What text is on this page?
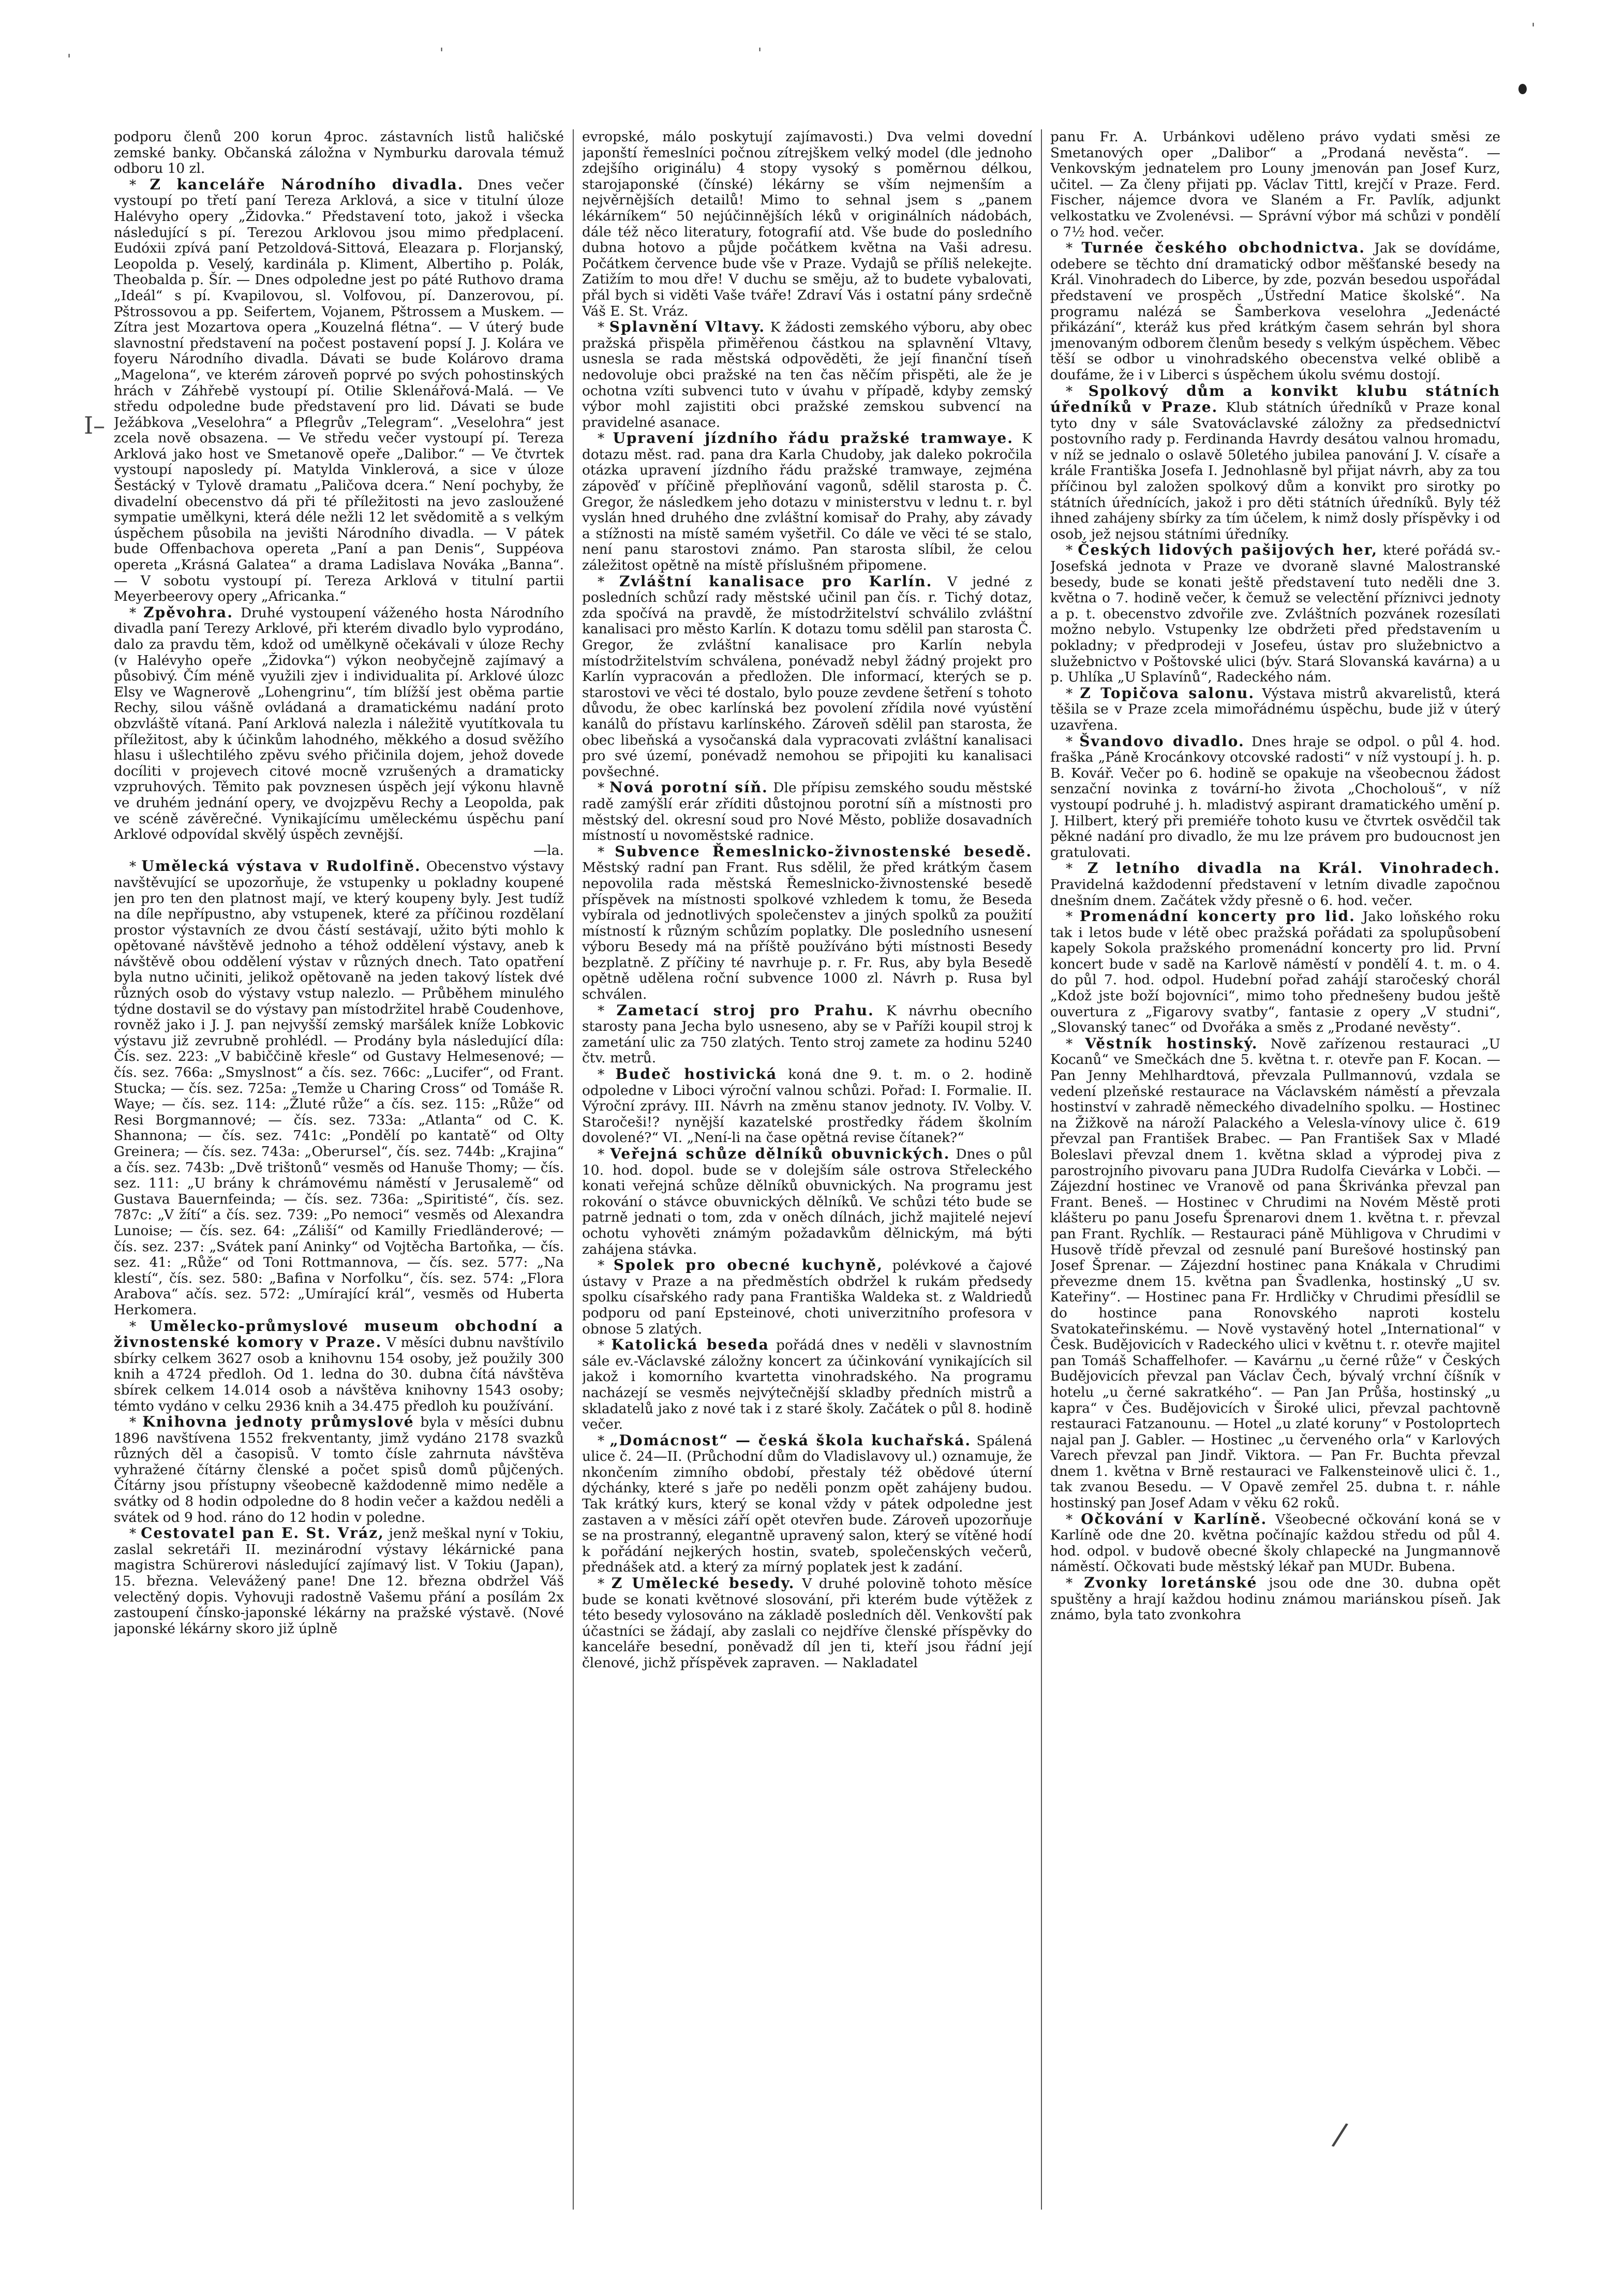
'	'
'
'
I–
/

podporu členů 200 korun 4proc. zástavních listů haličské zemské banky. Občanská záložna v Nymburku darovala témuž odboru 10 zl.

* Z kanceláře Národního divadla. Dnes večer vystoupí po třetí paní Tereza Arklová, a sice v titulní úloze Halévyho opery „Židovka.“ Představení toto, jakož i všecka následující s pí. Terezou Arklovou jsou mimo předplacení. Eudóxii zpívá paní Petzoldová-Sittová, Eleazara p. Florjanský, Leopolda p. Veselý, kardinála p. Kliment, Albertiho p. Polák, Theobalda p. Šír. — Dnes odpoledne jest po páté Ruthovo drama „Ideál“ s pí. Kvapilovou, sl. Volfovou, pí. Danzerovou, pí. Pštrossovou a pp. Seifertem, Vojanem, Pštrossem a Muskem. — Zítra jest Mozartova opera „Kouzelná flétna“. — V úterý bude slavnostní představení na počest postavení popsí J. J. Kolára ve foyeru Národního divadla. Dávati se bude Kolárovo drama „Magelona“, ve kterém zároveň poprvé po svých pohostinských hrách v Záhřebě vystoupí pí. Otilie Sklenářová-Malá. — Ve středu odpoledne bude představení pro lid. Dávati se bude Ježábkova „Veselohra“ a Pflegrův „Telegram“. „Veselohra“ jest zcela nově obsazena. — Ve středu večer vystoupí pí. Tereza Arklová jako host ve Smetanově opeře „Dalibor.“ — Ve čtvrtek vystoupí naposledy pí. Matylda Vinklerová, a sice v úloze Šestácký v Tylově dramatu „Paličova dcera.“ Není pochyby, že divadelní obecenstvo dá při té příležitosti na jevo zasloužené sympatie umělkyni, která déle nežli 12 let svědomitě a s velkým úspěchem působila na jevišti Národního divadla. — V pátek bude Offenbachova opereta „Paní a pan Denis“, Suppéova opereta „Krásná Galatea“ a drama Ladislava Nováka „Banna“. — V sobotu vystoupí pí. Tereza Arklová v titulní partii Meyerbeerovy opery „Africanka.“

* Zpěvohra. Druhé vystoupení váženého hosta Národního divadla paní Terezy Arklové, při kterém divadlo bylo vyprodáno, dalo za pravdu těm, kdož od umělkyně očekávali v úloze Rechy (v Halévyho opeře „Židovka“) výkon neobyčejně zajímavý a působivý. Čím méně využili zjev i individualita pí. Arklové úlozc Elsy ve Wagnerově „Lohengrinu“, tím blížší jest oběma partie Rechy, silou vášně ovládaná a dramatickému nadání proto obzvláště vítaná. Paní Arklová nalezla i náležitě vyutítkovala tu příležitost, aby k účinkům lahodného, měkkého a dosud svěžího hlasu i ušlechtilého zpěvu svého přičinila dojem, jehož dovede docíliti v projevech citové mocně vzrušených a dramaticky vzpruhových. Těmito pak povznesen úspěch její výkonu hlavně ve druhém jednání opery, ve dvojzpěvu Rechy a Leopolda, pak ve scéně závěrečné. Vynikajícímu uměleckému úspěchu paní Arklové odpovídal skvělý úspěch zevnější.

—la.

* Umělecká výstava v Rudolfině. Obecenstvo výstavy navštěvující se upozorňuje, že vstupenky u pokladny koupené jen pro ten den platnost mají, ve který koupeny byly. Jest tudíž na díle nepřípustno, aby vstupenek, které za příčinou rozdělaní prostor výstavních ze dvou částí sestávají, užito býti mohlo k opětované návštěvě jednoho a téhož oddělení výstavy, aneb k návštěvě obou oddělení výstav v různých dnech. Tato opatření byla nutno učiniti, jelikož opětovaně na jeden takový lístek dvé různých osob do výstavy vstup nalezlo. — Průběhem minulého týdne dostavil se do výstavy pan místodržitel hrabě Coudenhove, rovněž jako i J. J. pan nejvyšší zemský maršálek kníže Lobkovic výstavu již zevrubně prohlédl. — Prodány byla následující díla: Čís. sez. 223: „V babiččině křesle“ od Gustavy Helmesenové; — čís. sez. 766a: „Smyslnost“ a čís. sez. 766c: „Lucifer“, od Frant. Stucka; — čís. sez. 725a: „Temže u Charing Cross“ od Tomáše R. Waye; — čís. sez. 114: „Žluté růže“ a čís. sez. 115: „Růže“ od Resi Borgmannové; — čís. sez. 733a: „Atlanta“ od C. K. Shannona; — čís. sez. 741c: „Pondělí po kantatě“ od Olty Greinera; — čís. sez. 743a: „Oberursel“, čís. sez. 744b: „Krajina“ a čís. sez. 743b: „Dvě trištonů“ vesměs od Hanuše Thomy; — čís. sez. 111: „U brány k chrámovému náměstí v Jerusalemě“ od Gustava Bauernfeinda; — čís. sez. 736a: „Spiritisté“, čís. sez. 787c: „V žítí“ a čís. sez. 739: „Po nemoci“ vesměs od Alexandra Lunoise; — čís. sez. 64: „Záliší“ od Kamilly Friedländerové; — čís. sez. 237: „Svátek paní Aninky“ od Vojtěcha Bartoňka, — čís. sez. 41: „Růže“ od Toni Rottmannova, — čís. sez. 577: „Na klestí“, čís. sez. 580: „Bafina v Norfolku“, čís. sez. 574: „Flora Arabova“ ačís. sez. 572: „Umírající král“, vesměs od Huberta Herkomera.

* Umělecko-průmyslové museum obchodní a živnostenské komory v Praze. V měsíci dubnu navštívilo sbírky celkem 3627 osob a knihovnu 154 osoby, jež použily 300 knih a 4724 předloh. Od 1. ledna do 30. dubna čítá návštěva sbírek celkem 14.014 osob a návštěva knihovny 1543 osoby; témto vydáno v celku 2936 knih a 34.475 předloh ku používání.

* Knihovna jednoty průmyslové byla v měsíci dubnu 1896 navštívena 1552 frekventanty, jimž vydáno 2178 svazků různých děl a časopisů. V tomto čísle zahrnuta návštěva vyhražené čítárny členské a počet spisů domů půjčených. Čítárny jsou přístupny všeobecně každodenně mimo neděle a svátky od 8 hodin odpoledne do 8 hodin večer a každou neděli a svátek od 9 hod. ráno do 12 hodin v poledne.

* Cestovatel pan E. St. Vráz, jenž meškal nyní v Tokiu, zaslal sekretáři II. mezinárodní výstavy lékárnické pana magistra Schürerovi následující zajímavý list. V Tokiu (Japan), 15. března. Velevážený pane! Dne 12. března obdržel Váš velectěný dopis. Vyhovuji radostně Vašemu přání a posílám 2x zastoupení čínsko-japonské lékárny na pražské výstavě. (Nové japonské lékárny skoro již úplně

evropské, málo poskytují zajímavosti.) Dva velmi dovední japonští řemeslníci počnou zítrejškem velký model (dle jednoho zdejšího originálu) 4 stopy vysoký s poměrnou délkou, starojaponské (čínské) lékárny se vším nejmenším a nejvěrnějších detailů! Mimo to sehnal jsem s „panem lékárníkem“ 50 nejúčinnějších léků v originálních nádobách, dále též něco literatury, fotografií atd. Vše bude do posledního dubna hotovo a půjde počátkem května na Vaši adresu. Počátkem července bude vše v Praze. Vydajů se příliš nelekejte. Zatižím to mou dře! V duchu se směju, až to budete vybalovati, přál bych si viděti Vaše tváře! Zdraví Vás i ostatní pány srdečně Váš E. St. Vráz.

* Splavnění Vltavy. K žádosti zemského výboru, aby obec pražská přispěla přiměřenou částkou na splavnění Vltavy, usnesla se rada městská odpověděti, že její finanční tíseň nedovoluje obci pražské na ten čas něčím přispěti, ale že je ochotna vzíti subvenci tuto v úvahu v případě, kdyby zemský výbor mohl zajistiti obci pražské zemskou subvencí na pravidelné asanace.

* Upravení jízdního řádu pražské tramwaye. K dotazu měst. rad. pana dra Karla Chudoby, jak daleko pokročila otázka upravení jízdního řádu pražské tramwaye, zejména zápověď v příčině přeplňování vagonů, sdělil starosta p. Č. Gregor, že následkem jeho dotazu v ministerstvu v lednu t. r. byl vyslán hned druhého dne zvláštní komisař do Prahy, aby závady a stížnosti na místě samém vyšetřil. Co dále ve věci té se stalo, není panu starostovi známo. Pan starosta slíbil, že celou záležitost opětně na místě příslušném připomene.

* Zvláštní kanalisace pro Karlín. V jedné z posledních schůzí rady městské učinil pan čís. r. Tichý dotaz, zda spočívá na pravdě, že místodržitelství schválilo zvláštní kanalisaci pro město Karlín. K dotazu tomu sdělil pan starosta Č. Gregor, že zvláštní kanalisace pro Karlín nebyla místodržitelstvím schválena, ponévadž nebyl žádný projekt pro Karlín vypracován a předložen. Dle informací, kterých se p. starostovi ve věci té dostalo, bylo pouze zevdene šetření s tohoto důvodu, že obec karlínská bez povolení zřídila nové vyústění kanálů do přístavu karlínského. Zároveň sdělil pan starosta, že obec libeňská a vysočanská dala vypracovati zvláštní kanalisaci pro své území, ponévadž nemohou se připojiti ku kanalisaci povšechné.

* Nová porotní síň. Dle přípisu zemského soudu městské radě zamýšlí erár zříditi důstojnou porotní síň a místnosti pro městský del. okresní soud pro Nové Město, pobliže dosavadních místností u novoměstské radnice.

* Subvence Řemeslnicko-živnostenské besedě. Městský radní pan Frant. Rus sdělil, že před krátkým časem nepovolila rada městská Řemeslnicko-živnostenské besedě příspěvek na místnosti spolkové vzhledem k tomu, že Beseda vybírala od jednotlivých společenstev a jiných spolků za použití místností k různým schůzím poplatky. Dle posledního usnesení výboru Besedy má na příště používáno býti místnosti Besedy bezplatně. Z příčiny té navrhuje p. r. Fr. Rus, aby byla Besedě opětně udělena roční subvence 1000 zl. Návrh p. Rusa byl schválen.

* Zametací stroj pro Prahu. K návrhu obecního starosty pana Jecha bylo usneseno, aby se v Paříži koupil stroj k zametání ulic za 750 zlatých. Tento stroj zamete za hodinu 5240 čtv. metrů.

* Budeč hostivická koná dne 9. t. m. o 2. hodině odpoledne v Liboci výroční valnou schůzi. Pořad: I. Formalie. II. Výroční zprávy. III. Návrh na změnu stanov jednoty. IV. Volby. V. Staročeši!? nynější kazatelské prostředky řádem školním dovolené?“ VI. „Není-li na čase opětná revise čítanek?“

* Veřejná schůze dělníků obuvnických. Dnes o půl 10. hod. dopol. bude se v dolejším sále ostrova Střeleckého konati veřejná schůze dělníků obuvnických. Na programu jest rokování o stávce obuvnických dělníků. Ve schůzi této bude se patrně jednati o tom, zda v oněch dílnách, jichž majitelé nejeví ochotu vyhověti známým požadavkům dělnickým, má býti zahájena stávka.

* Spolek pro obecné kuchyně, polévkové a čajové ústavy v Praze a na předměstích obdržel k rukám předsedy spolku císařského rady pana Františka Waldeka st. z Waldriedů podporu od paní Epsteinové, choti univerzitního profesora v obnose 5 zlatých.

* Katolická beseda pořádá dnes v neděli v slavnostním sále ev.-Václavské záložny koncert za účinkování vynikajících sil jakož i komorního kvartetta vinohradského. Na programu nacházejí se vesměs nejvýtečnější skladby předních mistrů a skladatelů jako z nové tak i z staré školy. Začátek o půl 8. hodině večer.

* „Domácnost“ — česká škola kuchařská. Spálená ulice č. 24—II. (Průchodní dům do Vladislavovy ul.) oznamuje, že nkončením zimního období, přestaly též obědové úterní dýchánky, které s jaře po neděli ponzm opět zahájeny budou. Tak krátký kurs, který se konal vždy v pátek odpoledne jest zastaven a v měsíci září opět otevřen bude. Zároveň upozorňuje se na prostranný, elegantně upravený salon, který se vítěné hodí k pořádání nejkerých hostin, svateb, společenských večerů, přednášek atd. a který za mírný poplatek jest k zadání.

* Z Umělecké besedy. V druhé polovině tohoto měsíce bude se konati květnové slosování, při kterém bude výtěžek z této besedy vylosováno na základě posledních děl. Venkovští pak účastníci se žádají, aby zaslali co nejdříve členské příspěvky do kanceláře besední, poněvadž díl jen ti, kteří jsou řádní její členové, jichž příspěvek zapraven. — Nakladatel

panu Fr. A. Urbánkovi uděleno právo vydati směsi ze Smetanových oper „Dalibor“ a „Prodaná nevěsta“. — Venkovským jednatelem pro Louny jmenován pan Josef Kurz, učitel. — Za členy přijati pp. Václav Tittl, krejčí v Praze. Ferd. Fischer, nájemce dvora ve Slaném a Fr. Pavlík, adjunkt velkostatku ve Zvolenévsi. — Správní výbor má schůzi v pondělí o 7½ hod. večer.

* Turnée českého obchodnictva. Jak se dovídáme, odebere se těchto dní dramatický odbor měšťanské besedy na Král. Vinohradech do Liberce, by zde, pozván besedou uspořádal představení ve prospěch „Ústřední Matice školské“. Na programu nalézá se Šamberkova veselohra „Jedenácté přikázání“, kteráž kus před krátkým časem sehrán byl shora jmenovaným odborem členům besedy s velkým úspěchem. Věbec těší se odbor u vinohradského obecenstva velké oblibě a doufáme, že i v Liberci s úspěchem úkolu svému dostojí.

* Spolkový dům a konvikt klubu státních úředníků v Praze. Klub státních úředníků v Praze konal tyto dny v sále Svatováclavské záložny za předsednictví postovního rady p. Ferdinanda Havrdy desátou valnou hromadu, v níž se jednalo o oslavě 50letého jubilea panování J. V. císaře a krále Františka Josefa I. Jednohlasně byl přijat návrh, aby za tou příčinou byl založen spolkový dům a konvikt pro sirotky po státních úřednících, jakož i pro děti státních úředníků. Byly též ihned zahájeny sbírky za tím účelem, k nimž dosly příspěvky i od osob, jež nejsou státními úředníky.

* Českých lidových pašijových her, které pořádá sv.-Josefská jednota v Praze ve dvoraně slavné Malostranské besedy, bude se konati ještě představení tuto neděli dne 3. května o 7. hodině večer, k čemuž se velectění příznivci jednoty a p. t. obecenstvo zdvořile zve. Zvláštních pozvánek rozesílati možno nebylo. Vstupenky lze obdržeti před představením u pokladny; v předprodeji v Josefeu, ústav pro služebnictvo a služebnictvo v Poštovské ulici (býv. Stará Slovanská kavárna) a u p. Uhlíka „U Splavínů“, Radeckého nám.

* Z Topičova salonu. Výstava mistrů akvarelistů, která těšila se v Praze zcela mimořádnému úspěchu, bude již v úterý uzavřena.

* Švandovo divadlo. Dnes hraje se odpol. o půl 4. hod. fraška „Páně Krocánkovy otcovské radosti“ v níž vystoupí j. h. p. B. Kovář. Večer po 6. hodině se opakuje na všeobecnou žádost senzační novinka z tovární-ho života „Chocholouš“, v níž vystoupí podruhé j. h. mladistvý aspirant dramatického umění p. J. Hilbert, který při premiéře tohoto kusu ve čtvrtek osvědčil tak pěkné nadání pro divadlo, že mu lze právem pro budoucnost jen gratulovati.

* Z letního divadla na Král. Vinohradech. Pravidelná každodenní představení v letním divadle započnou dnešním dnem. Začátek vždy přesně o 6. hod. večer.

* Promenádní koncerty pro lid. Jako loňského roku tak i letos bude v létě obec pražská pořádati za spolupůsobení kapely Sokola pražského promenádní koncerty pro lid. První koncert bude v sadě na Karlově náměstí v pondělí 4. t. m. o 4. do půl 7. hod. odpol. Hudební pořad zahájí staročeský chorál „Kdož jste boží bojovníci“, mimo toho přednešeny budou ještě ouvertura z „Figarovy svatby“, fantasie z opery „V studni“, „Slovanský tanec“ od Dvořáka a směs z „Prodané nevěsty“.

* Věstník hostinský. Nově zařízenou restauraci „U Kocanů“ ve Smečkách dne 5. května t. r. otevře pan F. Kocan. — Pan Jenny Mehlhardtová, převzala Pullmannovú, vzdala se vedení plzeňské restaurace na Václavském náměstí a převzala hostinství v zahradě německého divadelního spolku. — Hostinec na Žižkově na nároží Palackého a Velesla-vínovy ulice č. 619 převzal pan František Brabec. — Pan František Sax v Mladé Boleslavi převzal dnem 1. května sklad a výprodej piva z parostrojního pivovaru pana JUDra Rudolfa Cievárka v Lobči. — Zájezdní hostinec ve Vranově od pana Škrivánka převzal pan Frant. Beneš. — Hostinec v Chrudimi na Novém Městě proti klášteru po panu Josefu Šprenarovi dnem 1. května t. r. převzal pan Frant. Rychlík. — Restauraci páně Mühligova v Chrudimi v Husově třídě převzal od zesnulé paní Burešové hostinský pan Josef Šprenar. — Zájezdní hostinec pana Knákala v Chrudimi převezme dnem 15. května pan Švadlenka, hostinský „U sv. Kateřiny“. — Hostinec pana Fr. Hrdličky v Chrudimi přesídlil se do hostince pana Ronovského naproti kostelu Svatokateřinskému. — Nově vystavěný hotel „International“ v Česk. Budějovicích v Radeckého ulici v květnu t. r. otevře majitel pan Tomáš Schaffelhofer. — Kavárnu „u černé růže“ v Českých Budějovicích převzal pan Václav Čech, bývalý vrchní číšník v hotelu „u černé sakratkého“. — Pan Jan Průša, hostinský „u kapra“ v Čes. Budějovicích v Široké ulici, převzal pachtovně restauraci Fatzanounu. — Hotel „u zlaté koruny“ v Postoloprtech najal pan J. Gabler. — Hostinec „u červeného orla“ v Karlových Varech převzal pan Jindř. Viktora. — Pan Fr. Buchta převzal dnem 1. května v Brně restauraci ve Falkensteinově ulici č. 1., tak zvanou Besedu. — V Opavě zemřel 25. dubna t. r. náhle hostinský pan Josef Adam v věku 62 roků.

* Očkování v Karlíně. Všeobecné očkování koná se v Karlíně ode dne 20. května počínajíc každou středu od půl 4. hod. odpol. v budově obecné školy chlapecké na Jungmannově náměstí. Očkovati bude městský lékař pan MUDr. Bubena.

* Zvonky loretánské jsou ode dne 30. dubna opět spuštěny a hrají každou hodinu známou mariánskou píseň. Jak známo, byla tato zvonkohra
